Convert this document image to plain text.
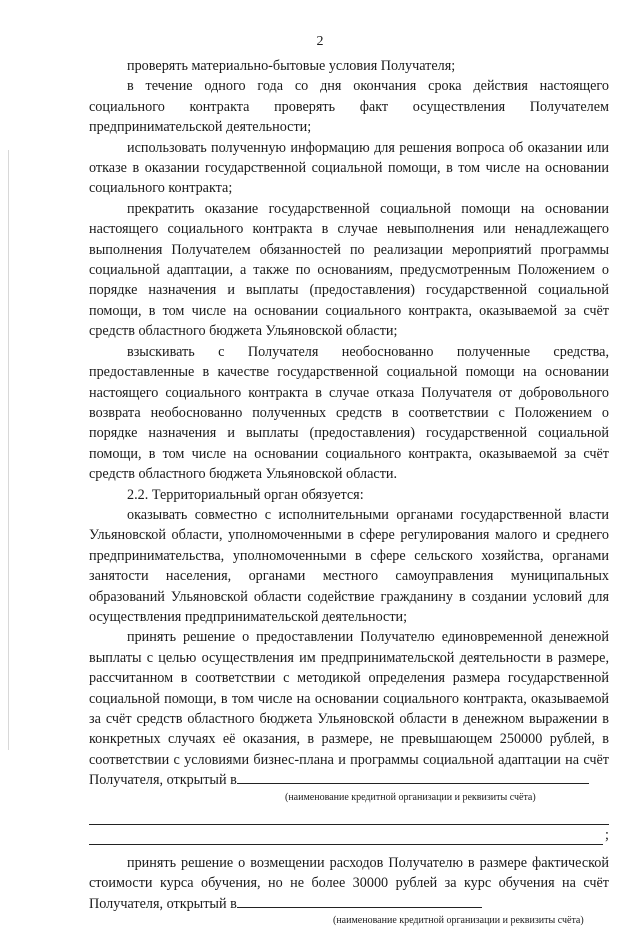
2

проверять материально-бытовые условия Получателя;

в течение одного года со дня окончания срока действия настоящего социального контракта проверять факт осуществления Получателем предпринимательской деятельности;

использовать полученную информацию для решения вопроса об оказании или отказе в оказании государственной социальной помощи, в том числе на основании социального контракта;

прекратить оказание государственной социальной помощи на основании настоящего социального контракта в случае невыполнения или ненадлежащего выполнения Получателем обязанностей по реализации мероприятий программы социальной адаптации, а также по основаниям, предусмотренным Положением о порядке назначения и выплаты (предоставления) государственной социальной помощи, в том числе на основании социального контракта, оказываемой за счёт средств областного бюджета Ульяновской области;

взыскивать с Получателя необоснованно полученные средства, предоставленные в качестве государственной социальной помощи на основании настоящего социального контракта в случае отказа Получателя от добровольного возврата необоснованно полученных средств в соответствии с Положением о порядке назначения и выплаты (предоставления) государственной социальной помощи, в том числе на основании социального контракта, оказываемой за счёт средств областного бюджета Ульяновской области.

2.2. Территориальный орган обязуется:

оказывать совместно с исполнительными органами государственной власти Ульяновской области, уполномоченными в сфере регулирования малого и среднего предпринимательства, уполномоченными в сфере сельского хозяйства, органами занятости населения, органами местного самоуправления муниципальных образований Ульяновской области содействие гражданину в создании условий для осуществления предпринимательской деятельности;

принять решение о предоставлении Получателю единовременной денежной выплаты с целью осуществления им предпринимательской деятельности в размере, рассчитанном в соответствии с методикой определения размера государственной социальной помощи, в том числе на основании социального контракта, оказываемой за счёт средств областного бюджета Ульяновской области в денежном выражении в конкретных случаях её оказания, в размере, не превышающем 250000 рублей, в соответствии с условиями бизнес-плана и программы социальной адаптации на счёт Получателя, открытый в

(наименование кредитной организации и реквизиты счёта)

;

принять решение о возмещении расходов Получателю в размере фактической стоимости курса обучения, но не более 30000 рублей за курс обучения на счёт Получателя, открытый в

(наименование кредитной организации и реквизиты счёта)
